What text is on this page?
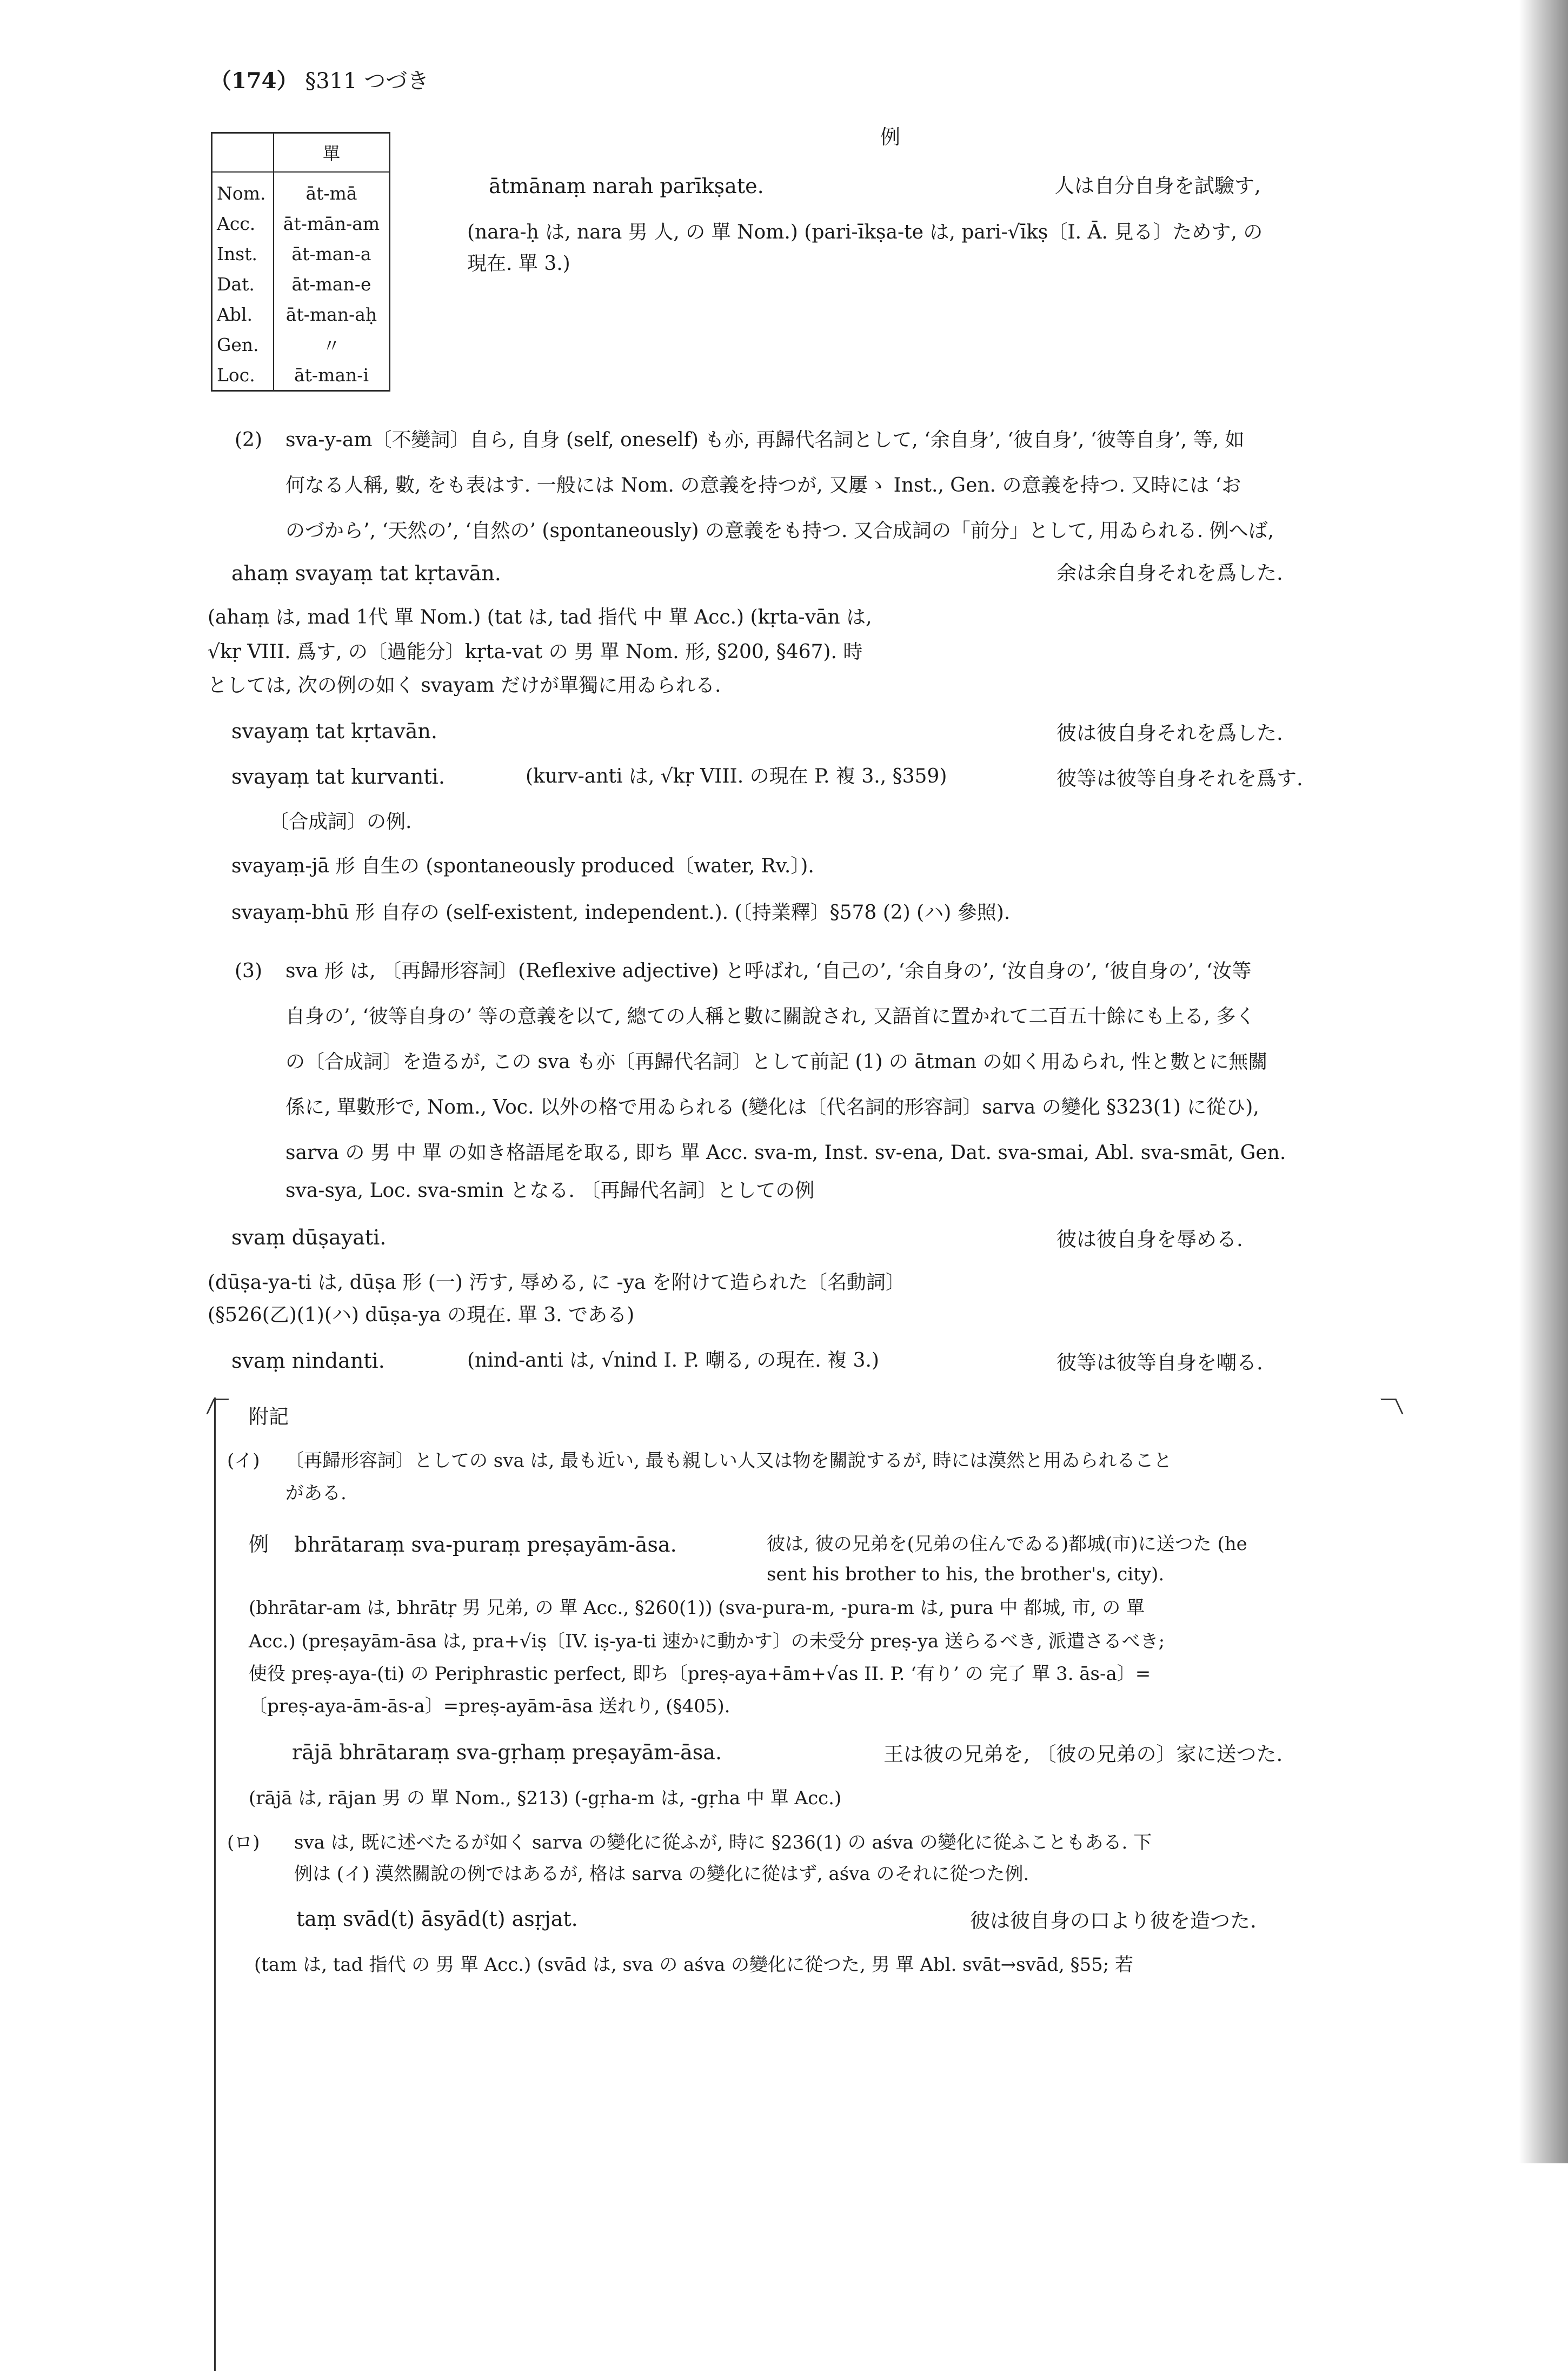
（174） §311 つづき
	單
Nom.	āt-mā
Acc.	āt-mān-am
Inst.	āt-man-a
Dat.	āt-man-e
Abl.	āt-man-aḥ
Gen.	〃
Loc.	āt-man-i
例
ātmānaṃ narah parīkṣate.	人は自分自身を試驗す,
(nara-ḥ は, nara 男 人, の 單 Nom.) (pari-īkṣa-te は, pari-√īkṣ〔I. Ā. 見る〕ためす, の
現在. 單 3.)
(2) sva-y-am〔不變詞〕自ら, 自身 (self, oneself) も亦, 再歸代名詞として, ‘余自身’, ‘彼自身’, ‘彼等自身’, 等, 如
何なる人稱, 數, をも表はす. 一般には Nom. の意義を持つが, 又屢ゝ Inst., Gen. の意義を持つ. 又時には ‘お
のづから’, ‘天然の’, ‘自然の’ (spontaneously) の意義をも持つ. 又合成詞の「前分」として, 用ゐられる. 例へば,
ahaṃ svayaṃ tat kṛtavān.	余は余自身それを爲した.
(ahaṃ は, mad 1代 單 Nom.) (tat は, tad 指代 中 單 Acc.) (kṛta-vān は,
√kṛ VIII. 爲す, の〔過能分〕kṛta-vat の 男 單 Nom. 形, §200, §467). 時
としては, 次の例の如く svayam だけが單獨に用ゐられる.
svayaṃ tat kṛtavān.	彼は彼自身それを爲した.
svayaṃ tat kurvanti.	(kurv-anti は, √kṛ VIII. の現在 P. 複 3., §359)	彼等は彼等自身それを爲す.
〔合成詞〕の例.
svayaṃ-jā 形 自生の (spontaneously produced〔water, Rv.〕).
svayaṃ-bhū 形 自存の (self-existent, independent.). (〔持業釋〕§578 (2) (ハ) 參照).
(3) sva 形 は, 〔再歸形容詞〕(Reflexive adjective) と呼ばれ, ‘自己の’, ‘余自身の’, ‘汝自身の’, ‘彼自身の’, ‘汝等
自身の’, ‘彼等自身の’ 等の意義を以て, 總ての人稱と數に關說され, 又語首に置かれて二百五十餘にも上る, 多く
の〔合成詞〕を造るが, この sva も亦〔再歸代名詞〕として前記 (1) の ātman の如く用ゐられ, 性と數とに無關
係に, 單數形で, Nom., Voc. 以外の格で用ゐられる (變化は〔代名詞的形容詞〕sarva の變化 §323(1) に從ひ),
sarva の 男 中 單 の如き格語尾を取る, 即ち 單 Acc. sva-m, Inst. sv-ena, Dat. sva-smai, Abl. sva-smāt, Gen.
sva-sya, Loc. sva-smin となる. 〔再歸代名詞〕としての例
svaṃ dūṣayati.	彼は彼自身を辱める.
(dūṣa-ya-ti は, dūṣa 形 (一) 汚す, 辱める, に -ya を附けて造られた〔名動詞〕
(§526(乙)(1)(ハ) dūṣa-ya の現在. 單 3. である)
svaṃ nindanti.	(nind-anti は, √nind I. P. 嘲る, の現在. 複 3.)	彼等は彼等自身を嘲る.
附記
(イ) 〔再歸形容詞〕としての sva は, 最も近い, 最も親しい人又は物を關說するが, 時には漠然と用ゐられること
がある.
例 bhrātaraṃ sva-puraṃ preṣayām-āsa.	彼は, 彼の兄弟を(兄弟の住んでゐる)都城(市)に送つた (he
sent his brother to his, the brother's, city).
(bhrātar-am は, bhrātṛ 男 兄弟, の 單 Acc., §260(1)) (sva-pura-m, -pura-m は, pura 中 都城, 市, の 單
Acc.) (preṣayām-āsa は, pra+√iṣ〔IV. iṣ-ya-ti 速かに動かす〕の未受分 preṣ-ya 送らるべき, 派遣さるべき;
使役 preṣ-aya-(ti) の Periphrastic perfect, 即ち〔preṣ-aya+ām+√as II. P. ‘有り’ の 完了 單 3. ās-a〕=
〔preṣ-aya-ām-ās-a〕=preṣ-ayām-āsa 送れり, (§405).
rājā bhrātaraṃ sva-gṛhaṃ preṣayām-āsa.	王は彼の兄弟を, 〔彼の兄弟の〕家に送つた.
(rājā は, rājan 男 の 單 Nom., §213) (-gṛha-m は, -gṛha 中 單 Acc.)
(ロ) sva は, 既に述べたるが如く sarva の變化に從ふが, 時に §236(1) の aśva の變化に從ふこともある. 下
例は (イ) 漠然關說の例ではあるが, 格は sarva の變化に從はず, aśva のそれに從つた例.
taṃ svād(t) āsyād(t) asṛjat.	彼は彼自身の口より彼を造つた.
(tam は, tad 指代 の 男 單 Acc.) (svād は, sva の aśva の變化に從つた, 男 單 Abl. svāt→svād, §55; 若
